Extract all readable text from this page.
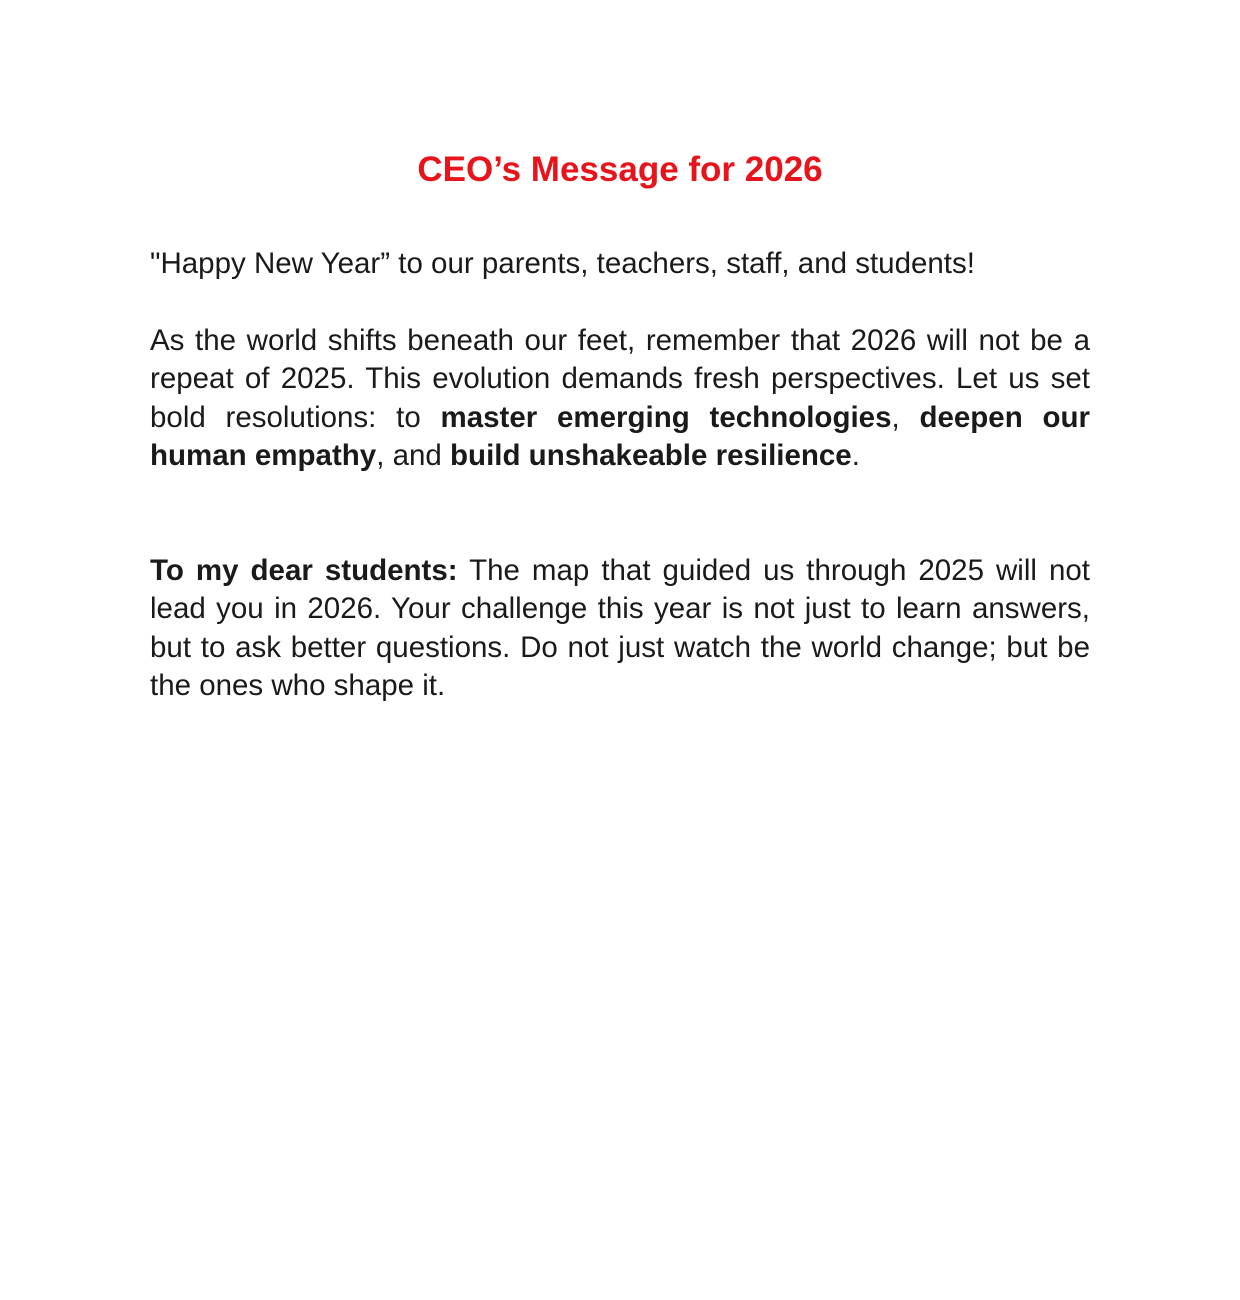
CEO’s Message for 2026

"Happy New Year” to our parents, teachers, staff, and students!

As the world shifts beneath our feet, remember that 2026 will not be a repeat of 2025. This evolution demands fresh perspectives. Let us set bold resolutions: to master emerging technologies, deepen our human empathy, and build unshakeable resilience.

To my dear students: The map that guided us through 2025 will not lead you in 2026. Your challenge this year is not just to learn answers, but to ask better questions. Do not just watch the world change; but be the ones who shape it.
